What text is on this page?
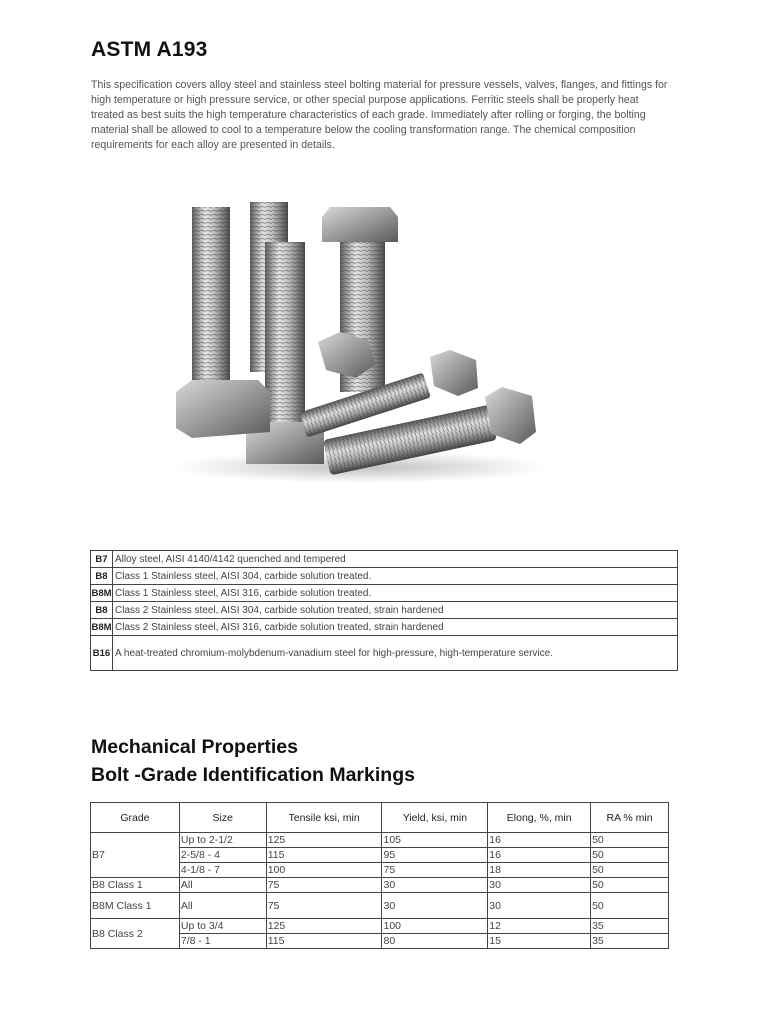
ASTM A193

This specification covers alloy steel and stainless steel bolting material for pressure vessels, valves, flanges, and fittings for high temperature or high pressure service, or other special purpose applications. Ferritic steels shall be properly heat treated as best suits the high temperature characteristics of each grade. Immediately after rolling or forging, the bolting material shall be allowed to cool to a temperature below the cooling transformation range. The chemical composition requirements for each alloy are presented in details.

B7	Alloy steel, AISI 4140/4142 quenched and tempered
B8	Class 1 Stainless steel, AISI 304, carbide solution treated.
B8M	Class 1 Stainless steel, AISI 316, carbide solution treated.
B8	Class 2 Stainless steel, AISI 304, carbide solution treated, strain hardened
B8M	Class 2 Stainless steel, AISI 316, carbide solution treated, strain hardened
B16	A heat-treated chromium-molybdenum-vanadium steel for high-pressure, high-temperature service.
Mechanical Properties
Bolt -Grade Identification Markings
Grade	Size	Tensile ksi, min	Yield, ksi, min	Elong, %, min	RA % min
B7	Up to 2-1/2	125	105	16	50
	2-5/8 - 4	115	95	16	50
	4-1/8 - 7	100	75	18	50
B8 Class 1	All	75	30	30	50
B8M Class 1	All	75	30	30	50
B8 Class 2	Up to 3/4	125	100	12	35
	7/8 - 1	115	80	15	35
